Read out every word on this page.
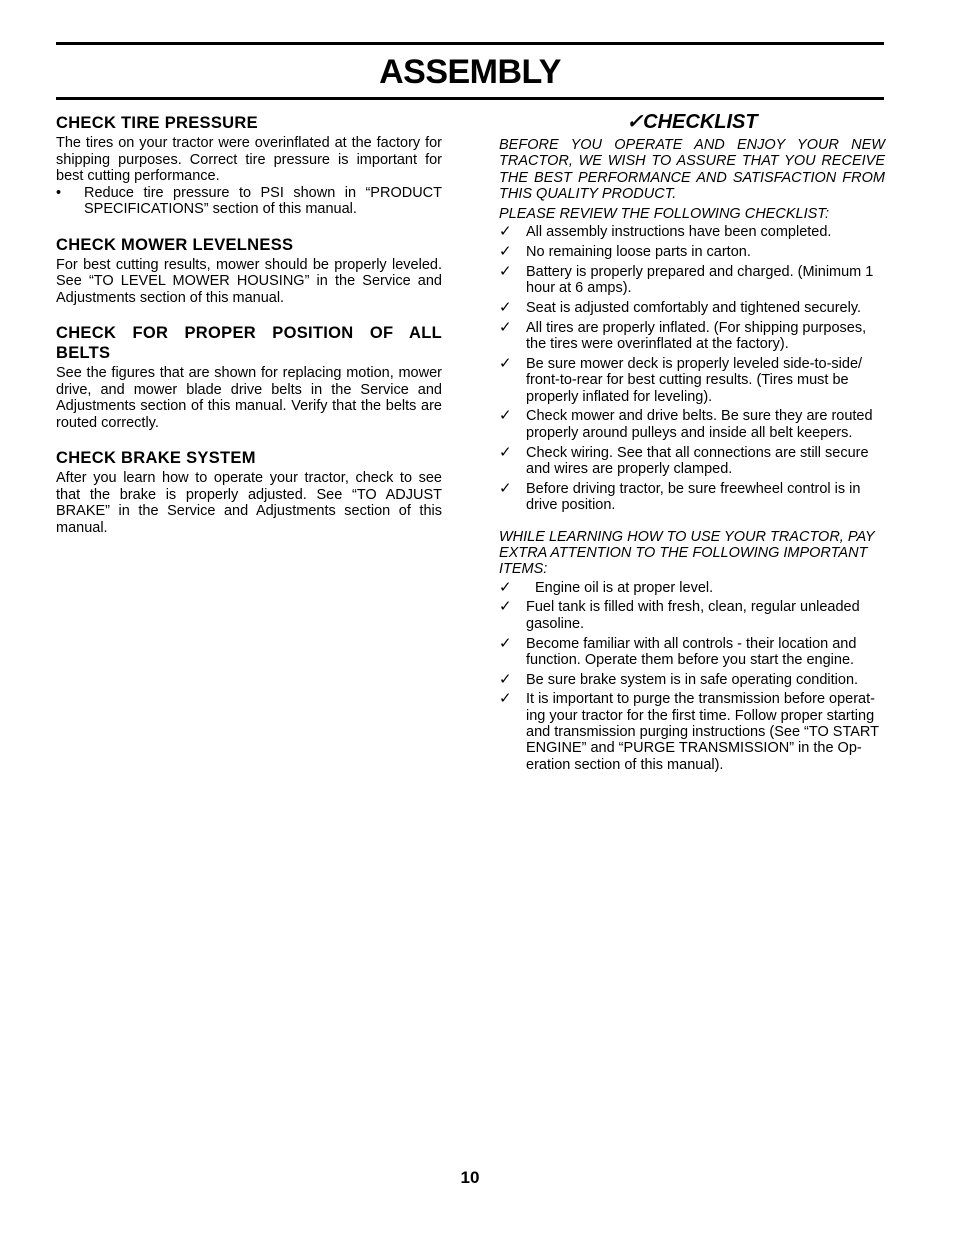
ASSEMBLY
CHECK TIRE PRESSURE

The tires on your tractor were overinflated at the factory for shipping purposes. Correct tire pressure is important for best cutting performance.

•	Reduce tire pressure to PSI shown in “PRODUCT SPECIFICATIONS” section of this manual.
CHECK MOWER LEVELNESS

For best cutting results, mower should be properly leveled. See “TO LEVEL MOWER HOUSING” in the Service and Adjustments section of this manual.

CHECK FOR PROPER POSITION OF ALL BELTS

See the figures that are shown for replacing motion, mower drive, and mower blade drive belts in the Service and Adjustments section of this manual. Verify that the belts are routed correctly.

CHECK BRAKE SYSTEM

After you learn how to operate your tractor, check to see that the brake is properly adjusted. See “TO ADJUST BRAKE” in the Service and Adjustments section of this manual.

✓CHECKLIST

BEFORE YOU OPERATE AND ENJOY YOUR NEW TRACTOR, WE WISH TO ASSURE THAT YOU RECEIVE THE BEST PERFORMANCE AND SATISFACTION FROM THIS QUALITY PRODUCT.

PLEASE REVIEW THE FOLLOWING CHECKLIST:

✓ All assembly instructions have been completed.
✓ No remaining loose parts in carton.
✓ Battery is properly prepared and charged. (Minimum 1 hour at 6 amps).
✓ Seat is adjusted comfortably and tightened securely.
✓ All tires are properly inflated. (For shipping purposes, the tires were overinflated at the factory).
✓ Be sure mower deck is properly leveled side-to-side/ front-to-rear for best cutting results. (Tires must be properly inflated for leveling).
✓ Check mower and drive belts. Be sure they are routed properly around pulleys and inside all belt keepers.
✓ Check wiring. See that all connections are still secure and wires are properly clamped.
✓ Before driving tractor, be sure freewheel control is in drive position.

WHILE LEARNING HOW TO USE YOUR TRACTOR, PAY EXTRA ATTENTION TO THE FOLLOWING IMPORTANT ITEMS:

✓	Engine oil is at proper level.
✓ Fuel tank is filled with fresh, clean, regular unleaded gasoline.
✓ Become familiar with all controls - their location and function. Operate them before you start the engine.
✓ Be sure brake system is in safe operating condition.
✓ It is important to purge the transmission before operat- ing your tractor for the first time. Follow proper starting and transmission purging instructions (See “TO START ENGINE” and “PURGE TRANSMISSION” in the Op- eration section of this manual).
10
